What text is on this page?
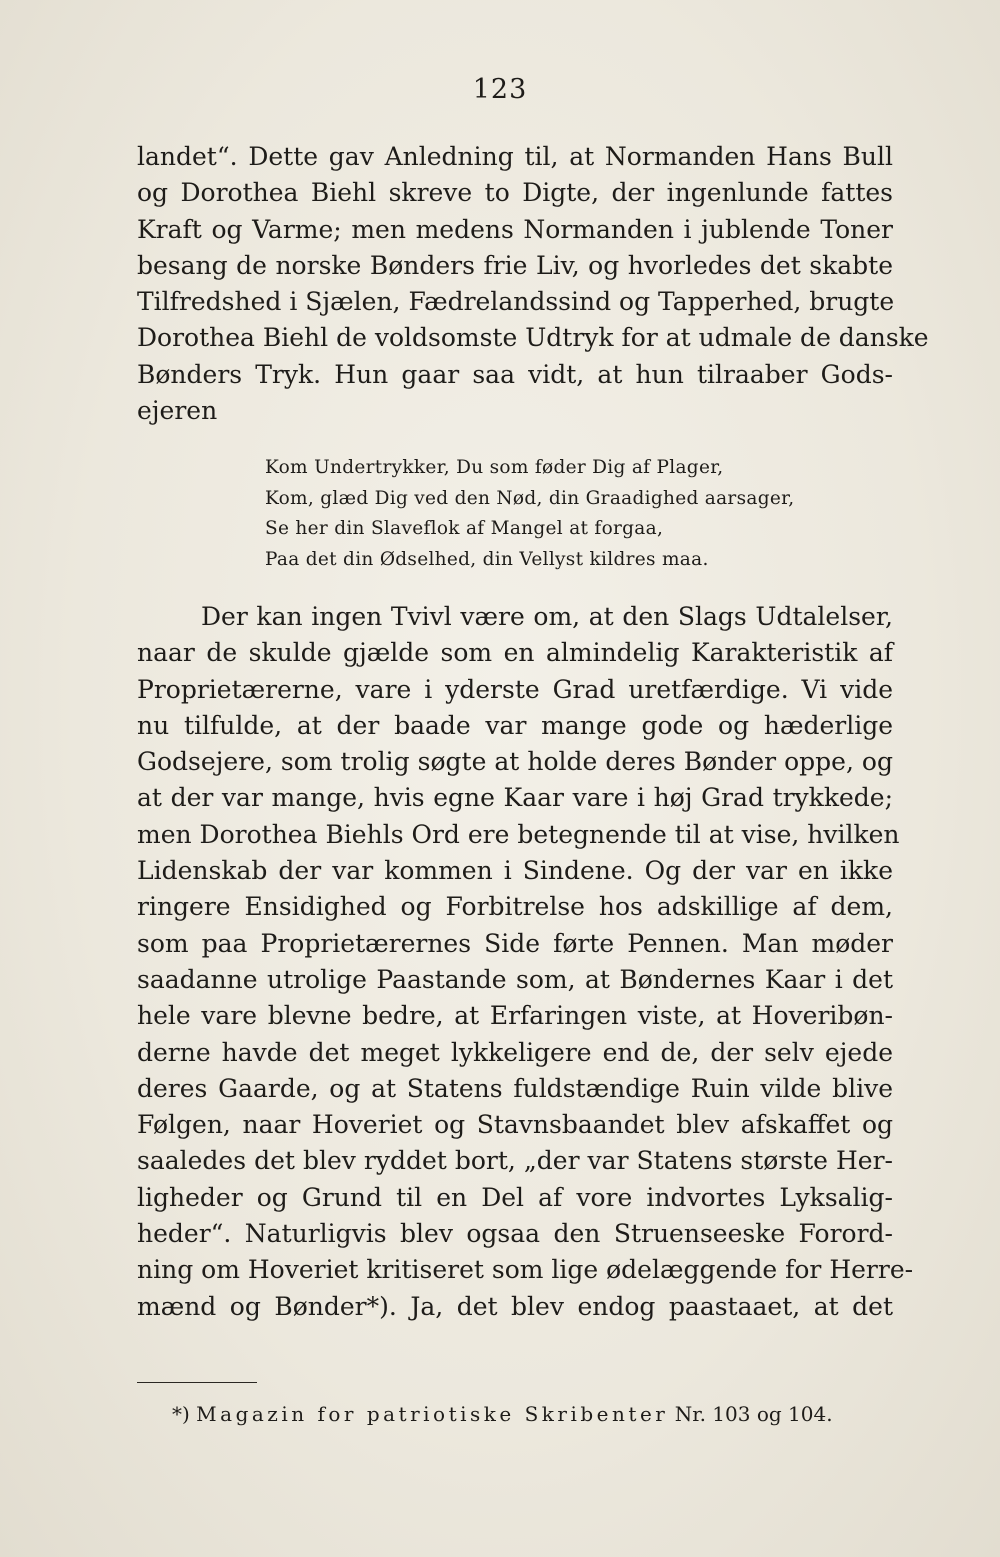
123
landet“. Dette gav Anledning til, at Normanden Hans Bull
og Dorothea Biehl skreve to Digte, der ingenlunde fattes
Kraft og Varme; men medens Normanden i jublende Toner
besang de norske Bønders frie Liv, og hvorledes det skabte
Tilfredshed i Sjælen, Fædrelandssind og Tapperhed, brugte
Dorothea Biehl de voldsomste Udtryk for at udmale de danske
Bønders Tryk. Hun gaar saa vidt, at hun tilraaber Gods-
ejeren
Kom Undertrykker, Du som føder Dig af Plager,
Kom, glæd Dig ved den Nød, din Graadighed aarsager,
Se her din Slaveflok af Mangel at forgaa,
Paa det din Ødselhed, din Vellyst kildres maa.
Der kan ingen Tvivl være om, at den Slags Udtalelser,
naar de skulde gjælde som en almindelig Karakteristik af
Proprietærerne, vare i yderste Grad uretfærdige. Vi vide
nu tilfulde, at der baade var mange gode og hæderlige
Godsejere, som trolig søgte at holde deres Bønder oppe, og
at der var mange, hvis egne Kaar vare i høj Grad trykkede;
men Dorothea Biehls Ord ere betegnende til at vise, hvilken
Lidenskab der var kommen i Sindene. Og der var en ikke
ringere Ensidighed og Forbitrelse hos adskillige af dem,
som paa Proprietærernes Side førte Pennen. Man møder
saadanne utrolige Paastande som, at Bøndernes Kaar i det
hele vare blevne bedre, at Erfaringen viste, at Hoveribøn-
derne havde det meget lykkeligere end de, der selv ejede
deres Gaarde, og at Statens fuldstændige Ruin vilde blive
Følgen, naar Hoveriet og Stavnsbaandet blev afskaffet og
saaledes det blev ryddet bort, „der var Statens største Her-
ligheder og Grund til en Del af vore indvortes Lyksalig-
heder“. Naturligvis blev ogsaa den Struenseeske Forord-
ning om Hoveriet kritiseret som lige ødelæggende for Herre-
mænd og Bønder*). Ja, det blev endog paastaaet, at det
*) Magazin for patriotiske Skribenter Nr. 103 og 104.
